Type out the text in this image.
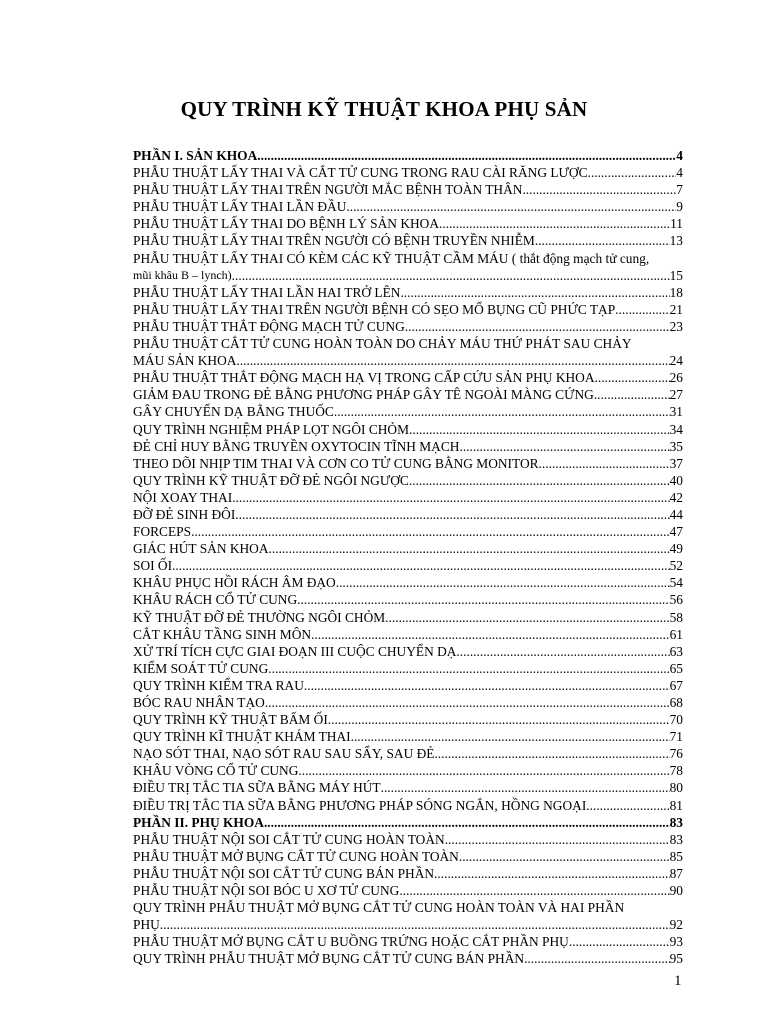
QUY TRÌNH KỸ THUẬT KHOA PHỤ SẢN
PHẦN I. SẢN KHOA .....	4
PHẪU THUẬT LẤY THAI VÀ CẮT TỬ CUNG TRONG RAU CÀI RĂNG LƯỢC .....	4
PHẪU THUẬT LẤY THAI TRÊN NGƯỜI MẮC BỆNH TOÀN THÂN .....	7
PHẪU THUẬT LẤY THAI LẦN ĐẦU .....	9
PHẪU THUẬT LẤY THAI DO BỆNH LÝ SẢN KHOA .....	11
PHẪU THUẬT LẤY THAI TRÊN NGƯỜI CÓ BỆNH TRUYỀN NHIỄM .....	13
PHẪU THUẬT LẤY THAI CÓ KÈM CÁC KỸ THUẬT CẦM MÁU ( thắt động mạch tử cung,
mũi khâu B – lynch) .....	15
PHẪU THUẬT LẤY THAI LẦN HAI TRỞ LÊN .....	18
PHẪU THUẬT LẤY THAI TRÊN NGƯỜI BỆNH CÓ SẸO MỔ BỤNG CŨ PHỨC TẠP .....	21
PHẪU THUẬT THẮT ĐỘNG MẠCH TỬ CUNG .....	23
PHẪU THUẬT CẮT TỬ CUNG HOÀN TOÀN DO CHẢY MÁU THỨ PHÁT SAU CHẢY
MÁU SẢN KHOA .....	24
PHẪU THUẬT THẮT ĐỘNG MẠCH HẠ VỊ TRONG CẤP CỨU SẢN PHỤ KHOA .....	26
GIẢM ĐAU TRONG ĐẺ BẰNG PHƯƠNG PHÁP GÂY TÊ NGOÀI MÀNG CỨNG .....	27
GÂY CHUYỂN DẠ BẰNG THUỐC .....	31
QUY TRÌNH NGHIỆM PHÁP LỌT NGÔI CHỎM .....	34
ĐẺ CHỈ HUY BẰNG TRUYỀN OXYTOCIN TĨNH MẠCH .....	35
THEO DÕI NHỊP TIM THAI VÀ CƠN CO TỬ CUNG BẰNG MONITOR .....	37
QUY TRÌNH KỸ THUẬT ĐỠ ĐẺ NGÔI NGƯỢC .....	40
NỘI XOAY THAI .....	42
ĐỠ ĐẺ SINH ĐÔI .....	44
FORCEPS .....	47
GIÁC HÚT SẢN KHOA .....	49
SOI ỐI .....	52
KHÂU PHỤC HỒI RÁCH ÂM ĐẠO .....	54
KHÂU RÁCH CỔ TỬ CUNG .....	56
KỸ THUẬT ĐỠ ĐẺ THƯỜNG NGÔI CHỎM .....	58
CẮT KHÂU TẦNG SINH MÔN .....	61
XỬ TRÍ TÍCH CỰC GIAI ĐOẠN III CUỘC CHUYỂN DẠ .....	63
KIỂM SOÁT TỬ CUNG .....	65
QUY TRÌNH KIỂM TRA RAU .....	67
BÓC RAU NHÂN TẠO .....	68
QUY TRÌNH KỸ THUẬT BẤM ỐI .....	70
QUY TRÌNH KĨ THUẬT KHÁM THAI .....	71
NẠO SÓT THAI, NẠO SÓT RAU SAU SẨY, SAU ĐẺ .....	76
KHÂU VÒNG CỔ TỬ CUNG .....	78
ĐIỀU TRỊ TẮC TIA SỮA BẰNG MÁY HÚT .....	80
ĐIỀU TRỊ TẮC TIA SỮA BẰNG PHƯƠNG PHÁP SÓNG NGẮN, HỒNG NGOẠI .....	81
PHẦN II. PHỤ KHOA .....	83
PHẪU THUẬT NỘI SOI CẮT TỬ CUNG HOÀN TOÀN .....	83
PHẪU THUẬT MỞ BỤNG CẮT TỬ CUNG HOÀN TOÀN .....	85
PHẪU THUẬT NỘI SOI CẮT TỬ CUNG BÁN PHẦN .....	87
PHẪU THUẬT NỘI SOI BÓC U XƠ TỬ CUNG .....	90
QUY TRÌNH PHẪU THUẬT MỞ BỤNG CẮT TỬ CUNG HOÀN TOÀN VÀ HAI PHẦN
PHỤ .....	92
PHẪU THUẬT MỞ BỤNG CẮT U BUỒNG TRỨNG HOẶC CẮT PHẦN PHỤ .....	93
QUY TRÌNH PHẪU THUẬT MỞ BỤNG CẮT TỬ CUNG BÁN PHẦN .....	95
1
